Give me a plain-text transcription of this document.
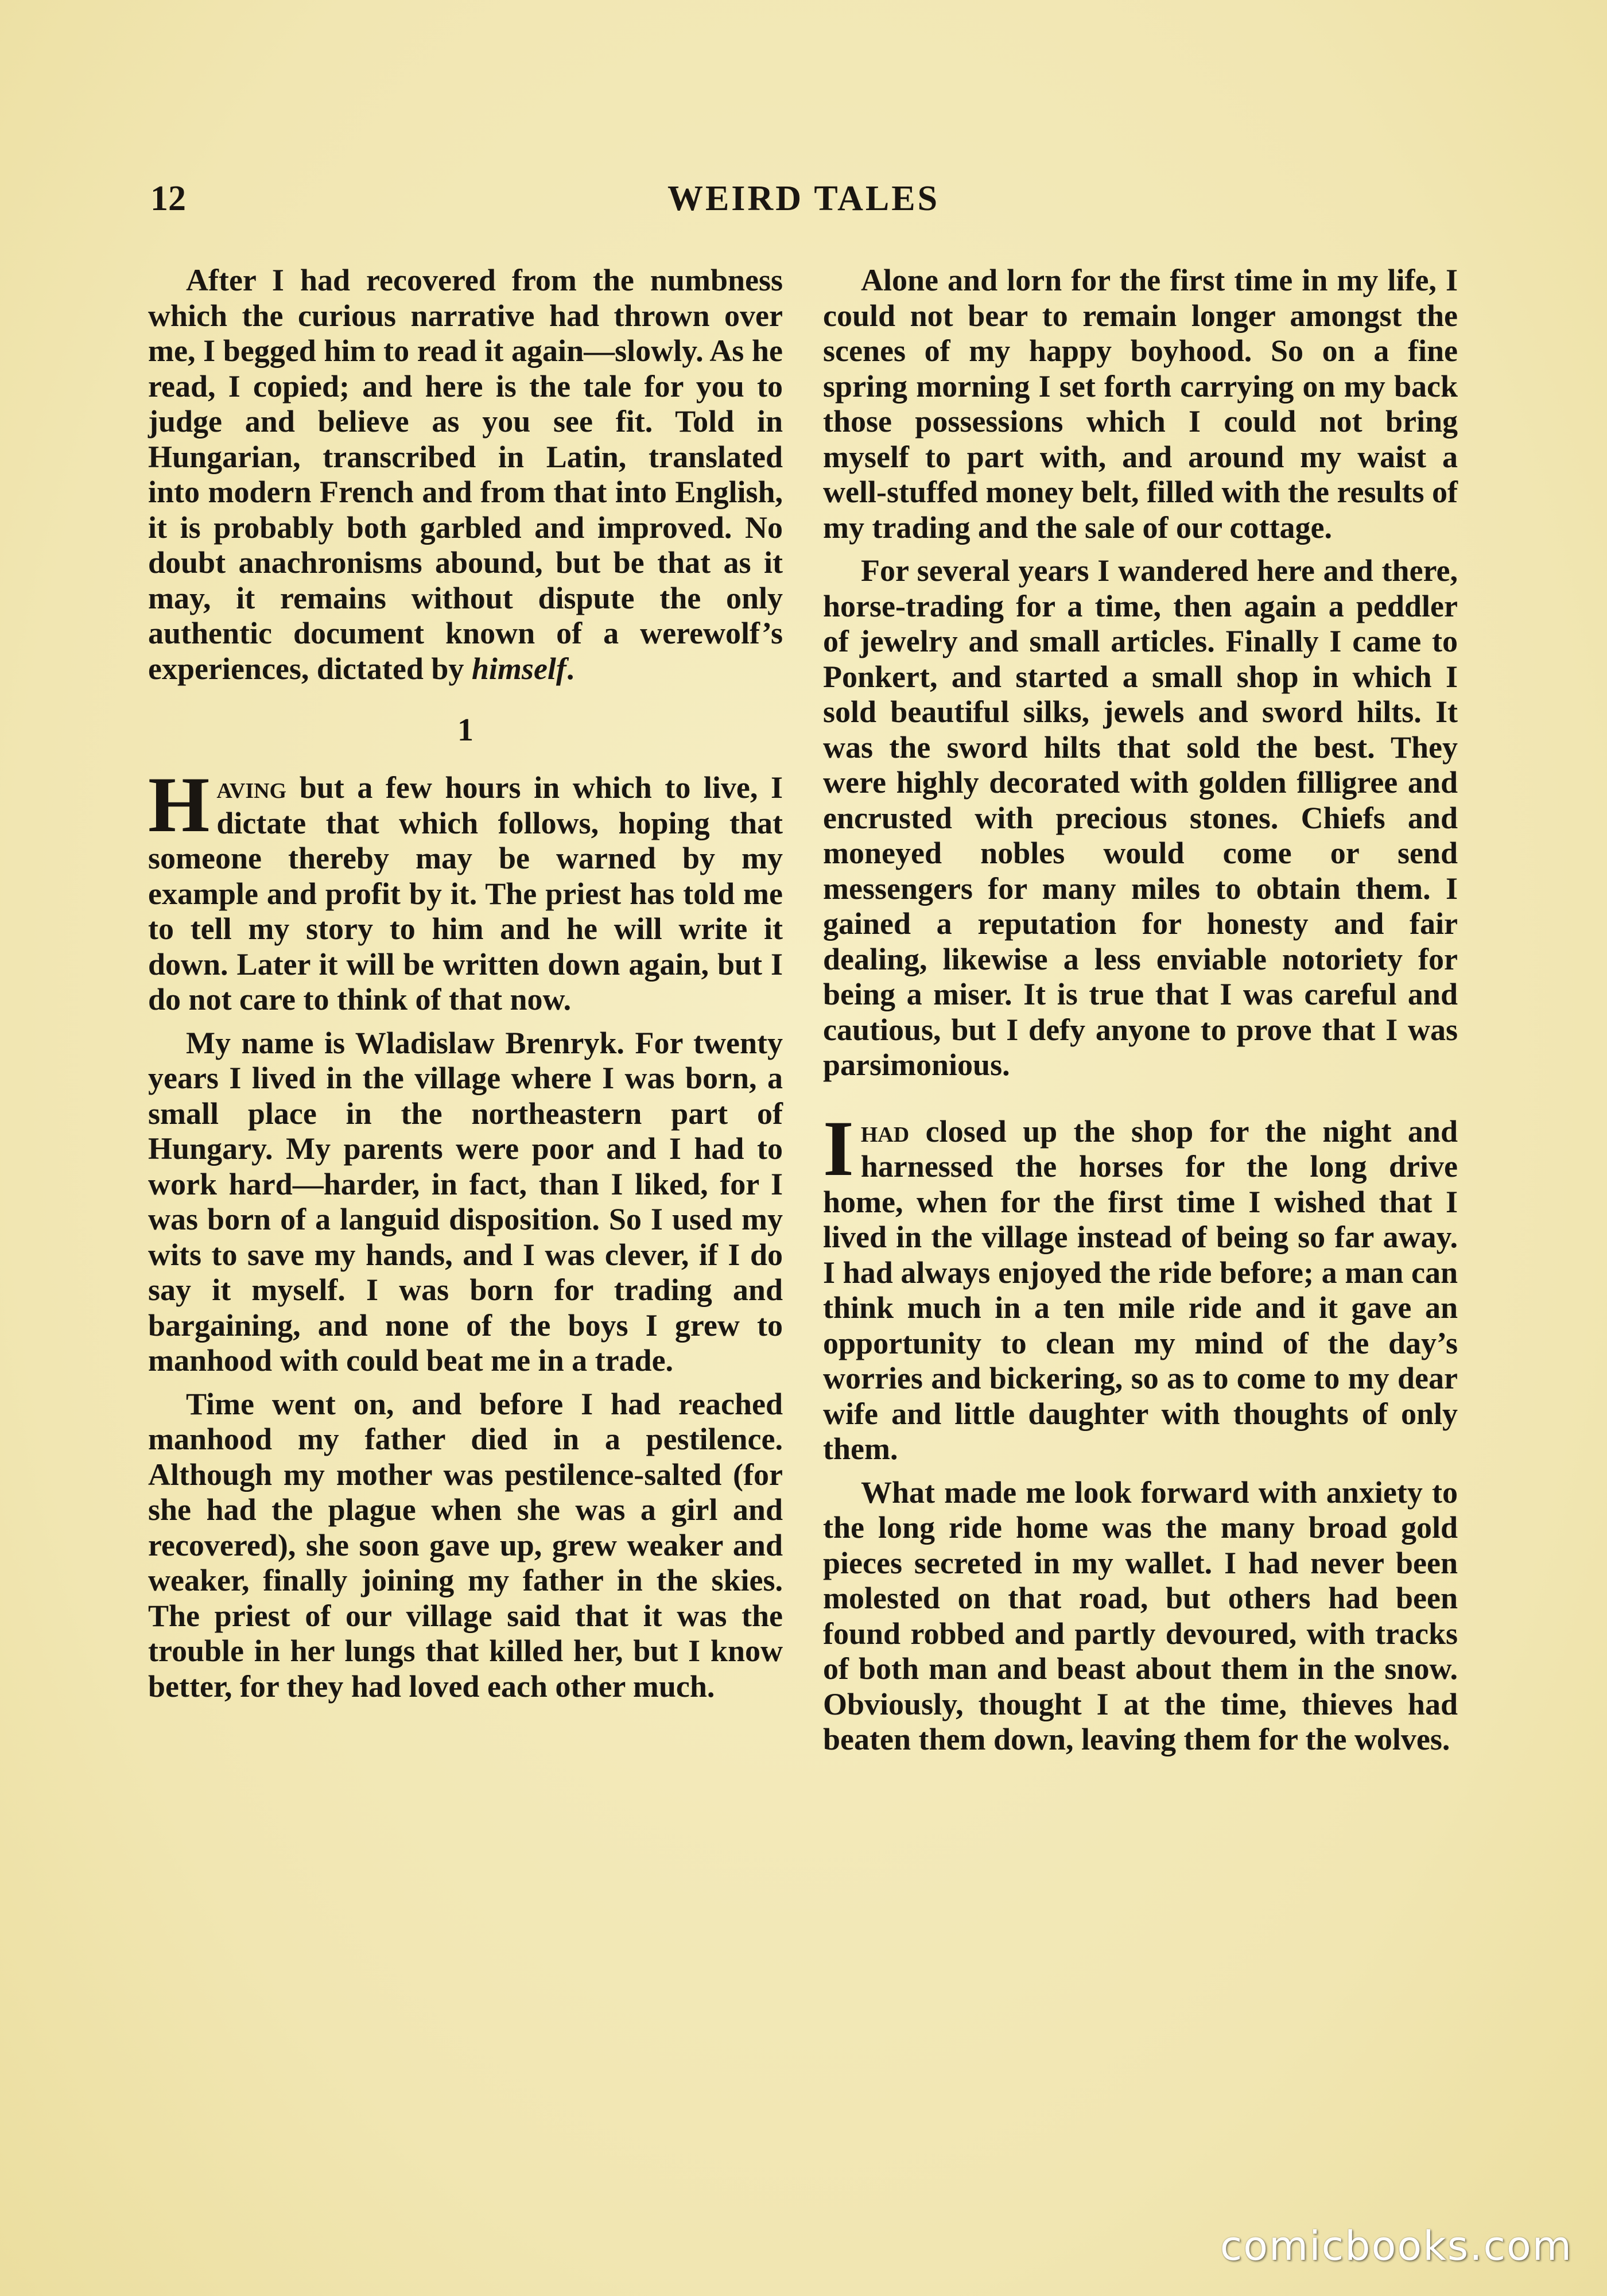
12	WEIRD TALES

After I had recovered from the numbness which the curious narrative had thrown over me, I begged him to read it again—slowly. As he read, I copied; and here is the tale for you to judge and believe as you see fit. Told in Hungarian, transcribed in Latin, translated into modern French and from that into English, it is probably both garbled and improved. No doubt anachronisms abound, but be that as it may, it remains without dispute the only authentic document known of a werewolf’s experiences, dictated by himself.

1

Having but a few hours in which to live, I dictate that which follows, hoping that someone thereby may be warned by my example and profit by it. The priest has told me to tell my story to him and he will write it down. Later it will be written down again, but I do not care to think of that now.

My name is Wladislaw Brenryk. For twenty years I lived in the village where I was born, a small place in the northeastern part of Hungary. My parents were poor and I had to work hard—harder, in fact, than I liked, for I was born of a languid disposition. So I used my wits to save my hands, and I was clever, if I do say it myself. I was born for trading and bargaining, and none of the boys I grew to manhood with could beat me in a trade.

Time went on, and before I had reached manhood my father died in a pestilence. Although my mother was pestilence-salted (for she had the plague when she was a girl and recovered), she soon gave up, grew weaker and weaker, finally joining my father in the skies. The priest of our village said that it was the trouble in her lungs that killed her, but I know better, for they had loved each other much.

Alone and lorn for the first time in my life, I could not bear to remain longer amongst the scenes of my happy boyhood. So on a fine spring morning I set forth carrying on my back those possessions which I could not bring myself to part with, and around my waist a well-stuffed money belt, filled with the results of my trading and the sale of our cottage.

For several years I wandered here and there, horse-trading for a time, then again a peddler of jewelry and small articles. Finally I came to Ponkert, and started a small shop in which I sold beautiful silks, jewels and sword hilts. It was the sword hilts that sold the best. They were highly decorated with golden filligree and encrusted with precious stones. Chiefs and moneyed nobles would come or send messengers for many miles to obtain them. I gained a reputation for honesty and fair dealing, likewise a less enviable notoriety for being a miser. It is true that I was careful and cautious, but I defy anyone to prove that I was parsimonious.

Ihad closed up the shop for the night and harnessed the horses for the long drive home, when for the first time I wished that I lived in the village instead of being so far away. I had always enjoyed the ride before; a man can think much in a ten mile ride and it gave an opportunity to clean my mind of the day’s worries and bickering, so as to come to my dear wife and little daughter with thoughts of only them.

What made me look forward with anxiety to the long ride home was the many broad gold pieces secreted in my wallet. I had never been molested on that road, but others had been found robbed and partly devoured, with tracks of both man and beast about them in the snow. Obviously, thought I at the time, thieves had beaten them down, leaving them for the wolves.

comicbooks.com
